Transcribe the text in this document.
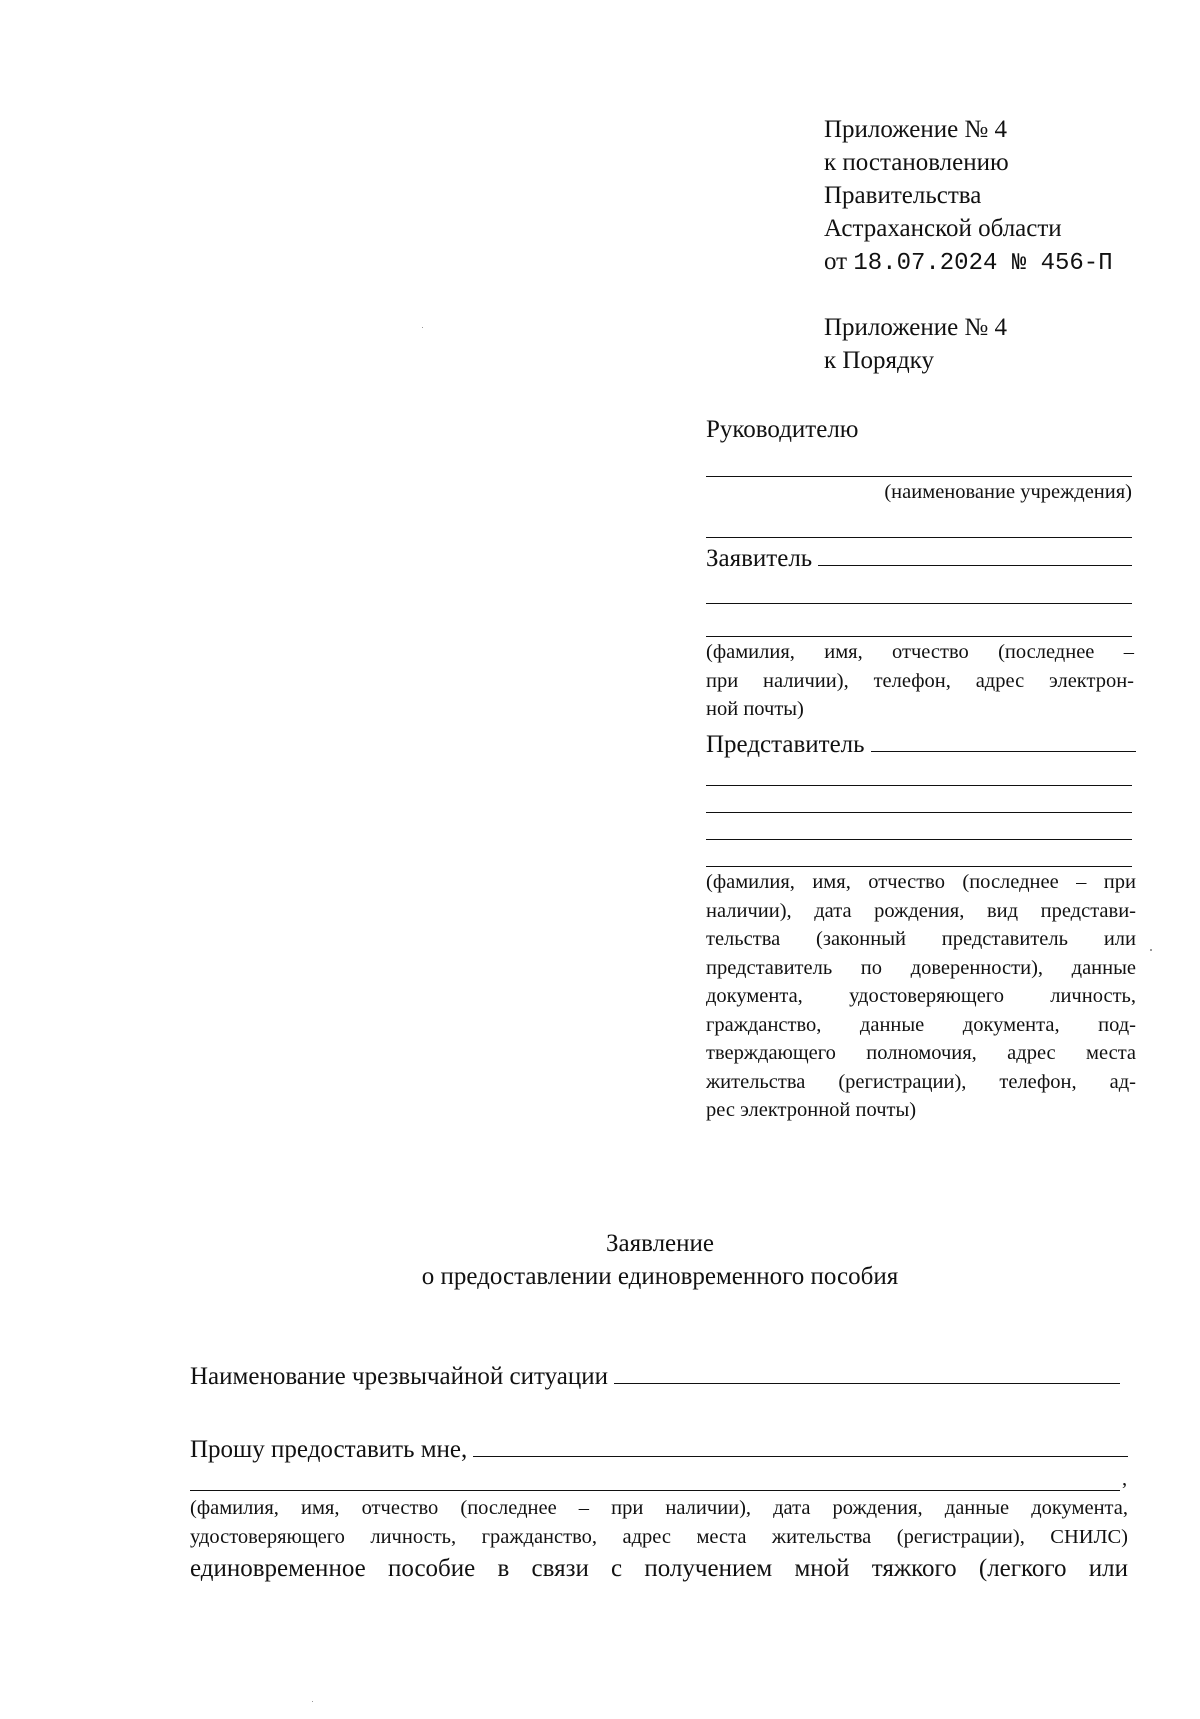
Приложение № 4
к постановлению
Правительства
Астраханской области
от 18.07.2024 № 456-П
Приложение № 4
к Порядку
Руководителю
(наименование учреждения)
Заявитель
(фамилия, имя, отчество (последнее –
при наличии), телефон, адрес электрон-
ной почты)
Представитель
(фамилия, имя, отчество (последнее – при
наличии), дата рождения, вид представи-
тельства (законный представитель или
представитель по доверенности), данные
документа, удостоверяющего личность,
гражданство, данные документа, под-
тверждающего полномочия, адрес места
жительства (регистрации), телефон, ад-
рес электронной почты)
Заявление
о предоставлении единовременного пособия
Наименование чрезвычайной ситуации
Прошу предоставить мне,
,
(фамилия, имя, отчество (последнее – при наличии), дата рождения, данные документа,
удостоверяющего личность, гражданство, адрес места жительства (регистрации), СНИЛС)
единовременное пособие в связи с получением мной тяжкого (легкого или
